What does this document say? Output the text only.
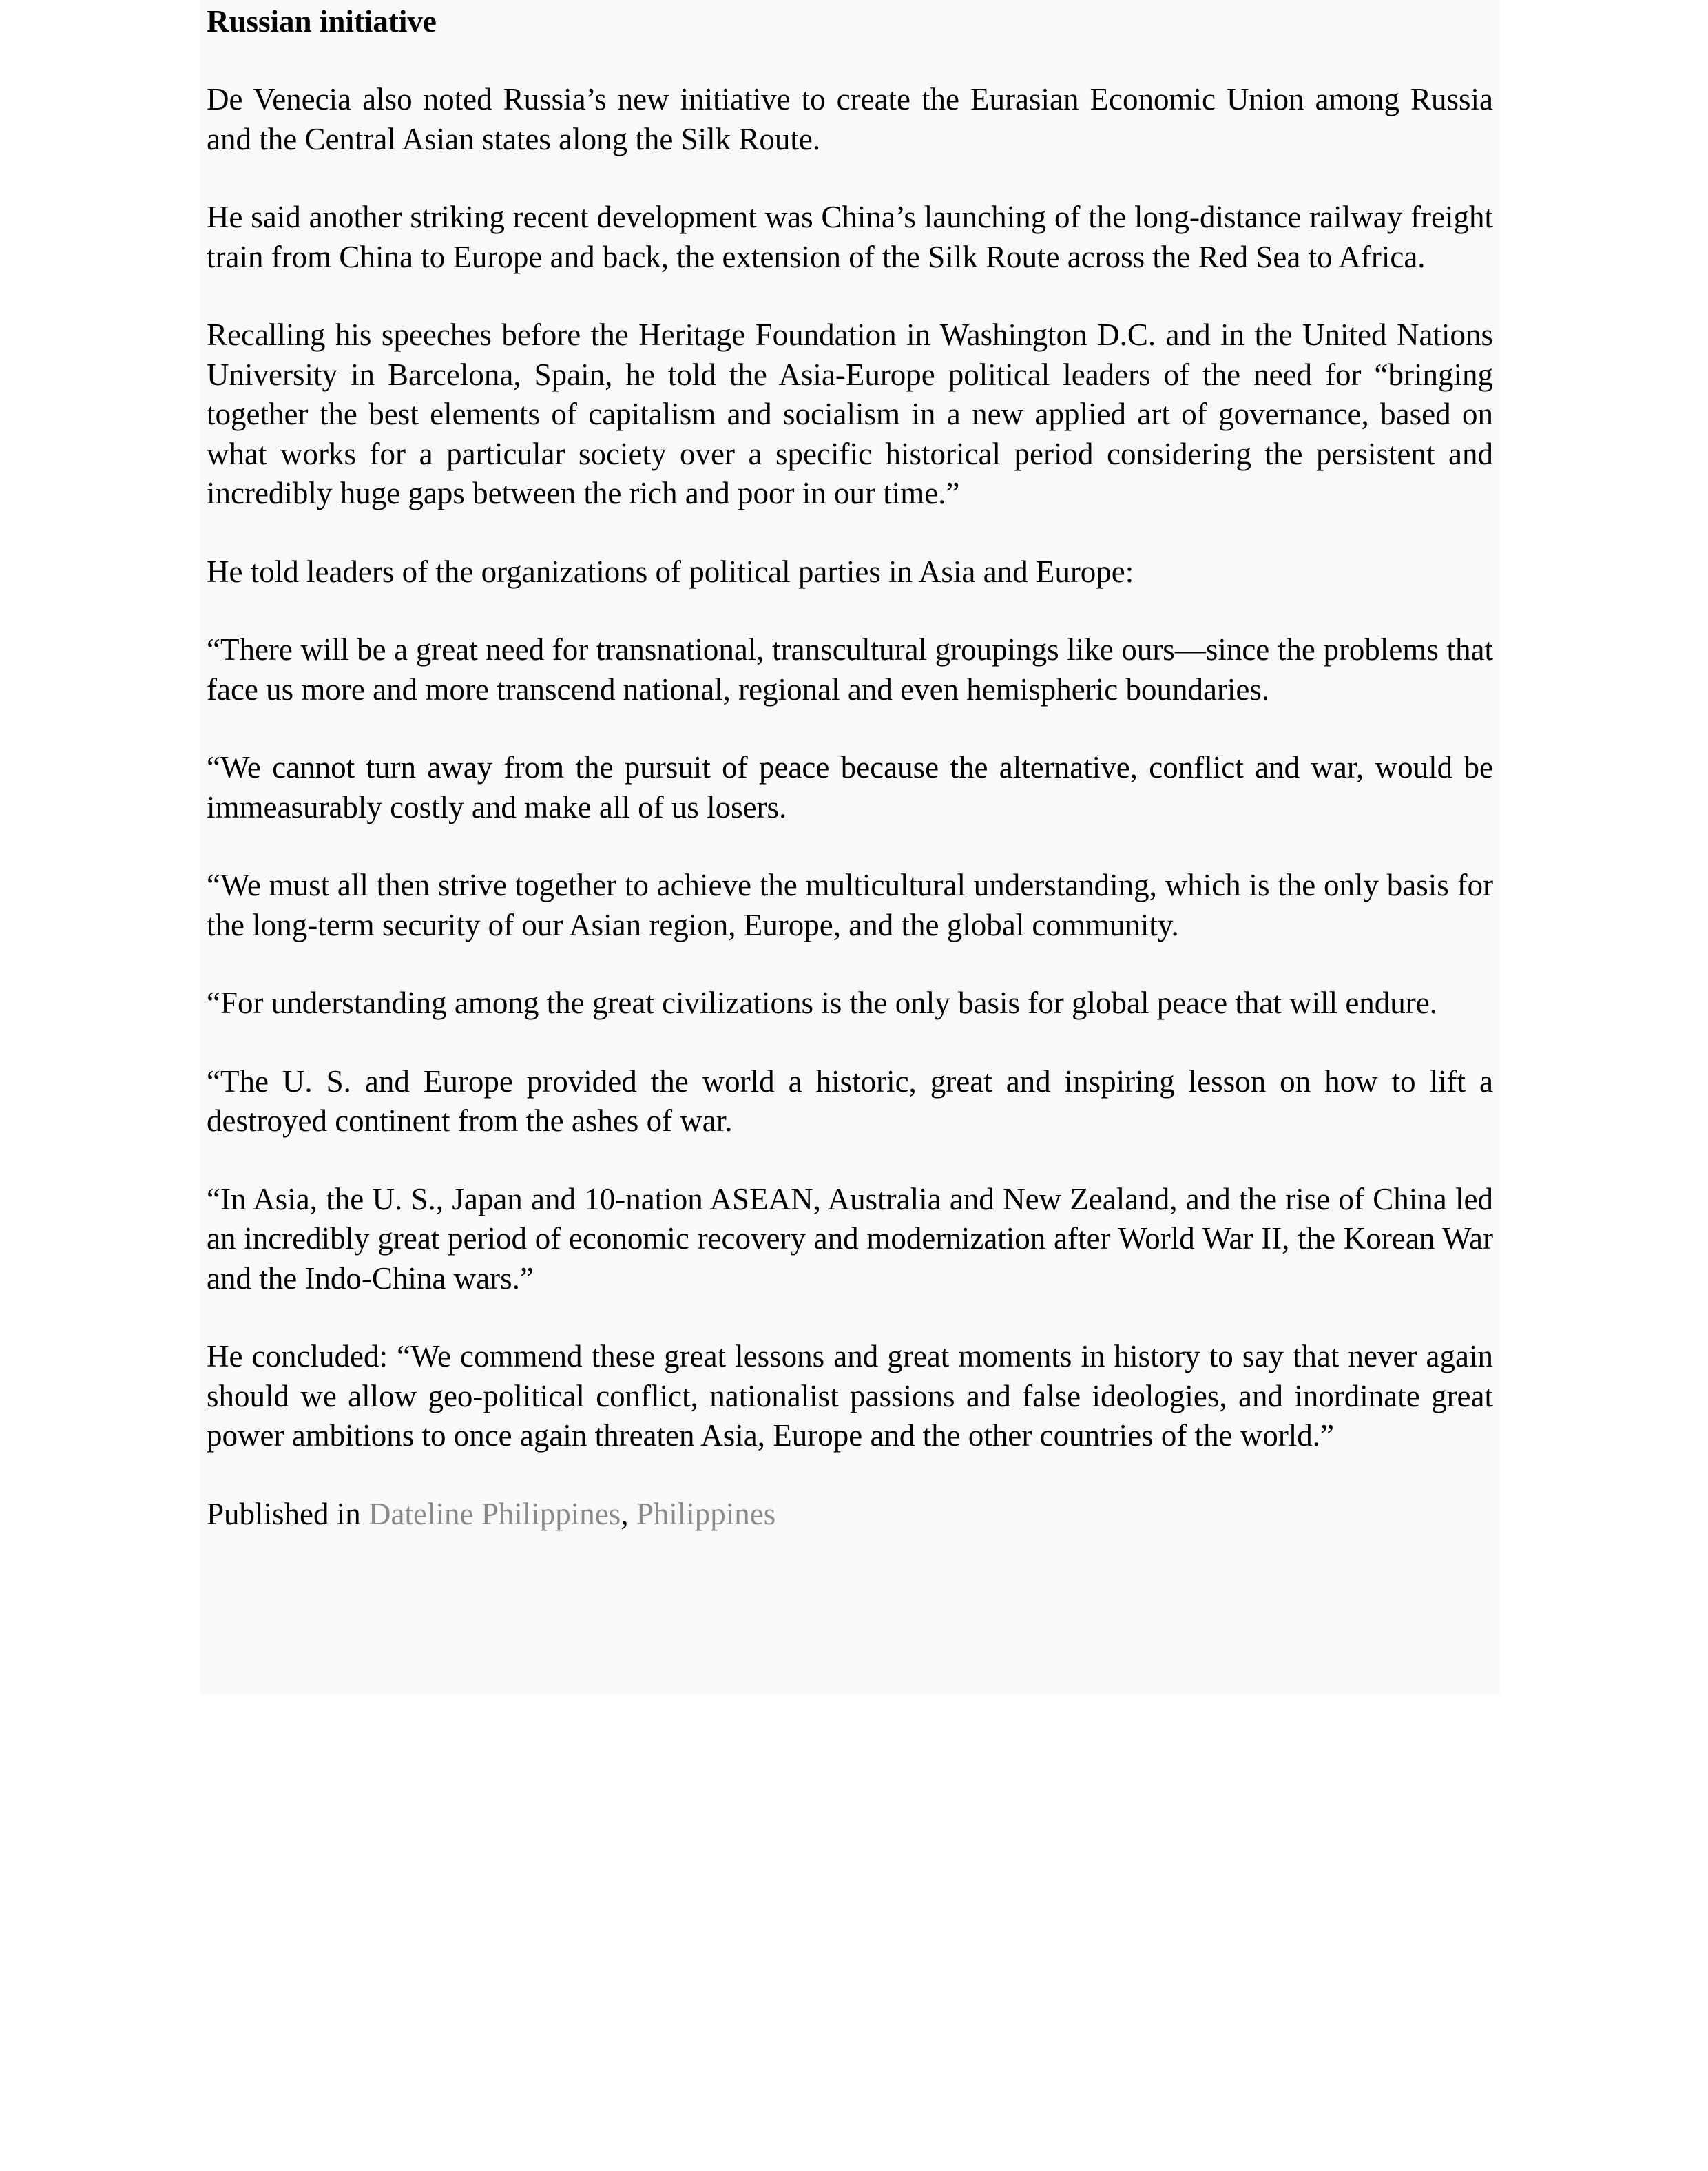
Russian initiative

De Venecia also noted Russia’s new initiative to create the Eurasian Economic Union among Russia and the Central Asian states along the Silk Route.

He said another striking recent development was China’s launching of the long-distance railway freight train from China to Europe and back, the extension of the Silk Route across the Red Sea to Africa.

Recalling his speeches before the Heritage Foundation in Washington D.C. and in the United Nations University in Barcelona, Spain, he told the Asia-Europe political leaders of the need for “bringing together the best elements of capitalism and socialism in a new applied art of governance, based on what works for a particular society over a specific historical period considering the persistent and incredibly huge gaps between the rich and poor in our time.”

He told leaders of the organizations of political parties in Asia and Europe:

“There will be a great need for transnational, transcultural groupings like ours—since the problems that face us more and more transcend national, regional and even hemispheric boundaries.

“We cannot turn away from the pursuit of peace because the alternative, conflict and war, would be immeasurably costly and make all of us losers.

“We must all then strive together to achieve the multicultural understanding, which is the only basis for the long-term security of our Asian region, Europe, and the global community.

“For understanding among the great civilizations is the only basis for global peace that will endure.

“The U. S. and Europe provided the world a historic, great and inspiring lesson on how to lift a destroyed continent from the ashes of war.

“In Asia, the U. S., Japan and 10-nation ASEAN, Australia and New Zealand, and the rise of China led an incredibly great period of economic recovery and modernization after World War II, the Korean War and the Indo-China wars.”

He concluded: “We commend these great lessons and great moments in history to say that never again should we allow geo-political conflict, nationalist passions and false ideologies, and inordinate great power ambitions to once again threaten Asia, Europe and the other countries of the world.”

Published in Dateline Philippines, Philippines
